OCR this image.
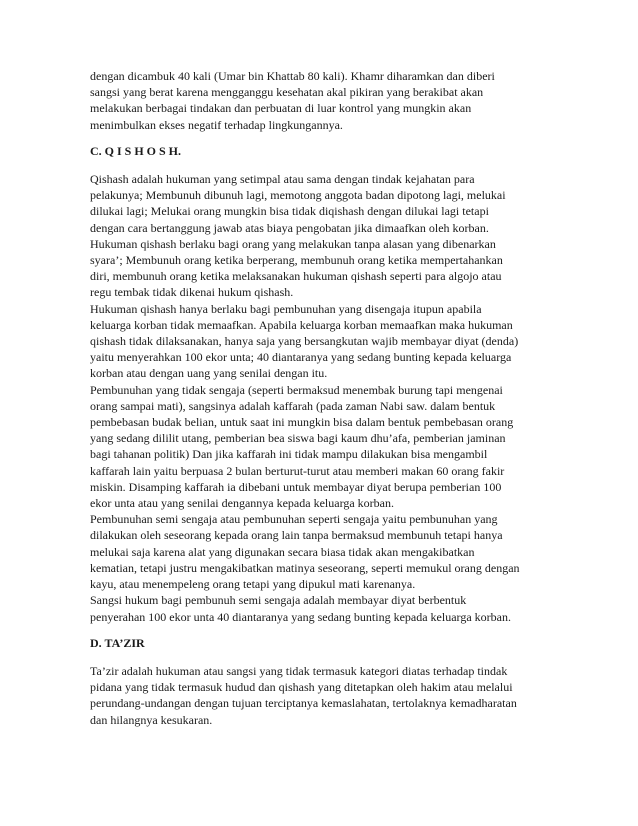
dengan dicambuk 40 kali (Umar bin Khattab 80 kali). Khamr diharamkan dan diberi
sangsi yang berat karena mengganggu kesehatan akal pikiran yang berakibat akan
melakukan berbagai tindakan dan perbuatan di luar kontrol yang mungkin akan
menimbulkan ekses negatif terhadap lingkungannya.
C. Q I S H O S H.
Qishash adalah hukuman yang setimpal atau sama dengan tindak kejahatan para
pelakunya; Membunuh dibunuh lagi, memotong anggota badan dipotong lagi, melukai
dilukai lagi; Melukai orang mungkin bisa tidak diqishash dengan dilukai lagi tetapi
dengan cara bertanggung jawab atas biaya pengobatan jika dimaafkan oleh korban.
Hukuman qishash berlaku bagi orang yang melakukan tanpa alasan yang dibenarkan
syara’; Membunuh orang ketika berperang, membunuh orang ketika mempertahankan
diri, membunuh orang ketika melaksanakan hukuman qishash seperti para algojo atau
regu tembak tidak dikenai hukum qishash.
Hukuman qishash hanya berlaku bagi pembunuhan yang disengaja itupun apabila
keluarga korban tidak memaafkan. Apabila keluarga korban memaafkan maka hukuman
qishash tidak dilaksanakan, hanya saja yang bersangkutan wajib membayar diyat (denda)
yaitu menyerahkan 100 ekor unta; 40 diantaranya yang sedang bunting kepada keluarga
korban atau dengan uang yang senilai dengan itu.
Pembunuhan yang tidak sengaja (seperti bermaksud menembak burung tapi mengenai
orang sampai mati), sangsinya adalah kaffarah (pada zaman Nabi saw. dalam bentuk
pembebasan budak belian, untuk saat ini mungkin bisa dalam bentuk pembebasan orang
yang sedang dililit utang, pemberian bea siswa bagi kaum dhu’afa, pemberian jaminan
bagi tahanan politik) Dan jika kaffarah ini tidak mampu dilakukan bisa mengambil
kaffarah lain yaitu berpuasa 2 bulan berturut-turut atau memberi makan 60 orang fakir
miskin. Disamping kaffarah ia dibebani untuk membayar diyat berupa pemberian 100
ekor unta atau yang senilai dengannya kepada keluarga korban.
Pembunuhan semi sengaja atau pembunuhan seperti sengaja yaitu pembunuhan yang
dilakukan oleh seseorang kepada orang lain tanpa bermaksud membunuh tetapi hanya
melukai saja karena alat yang digunakan secara biasa tidak akan mengakibatkan
kematian, tetapi justru mengakibatkan matinya seseorang, seperti memukul orang dengan
kayu, atau menempeleng orang tetapi yang dipukul mati karenanya.
Sangsi hukum bagi pembunuh semi sengaja adalah membayar diyat berbentuk
penyerahan 100 ekor unta 40 diantaranya yang sedang bunting kepada keluarga korban.
D. TA’ZIR
Ta’zir adalah hukuman atau sangsi yang tidak termasuk kategori diatas terhadap tindak
pidana yang tidak termasuk hudud dan qishash yang ditetapkan oleh hakim atau melalui
perundang-undangan dengan tujuan terciptanya kemaslahatan, tertolaknya kemadharatan
dan hilangnya kesukaran.
